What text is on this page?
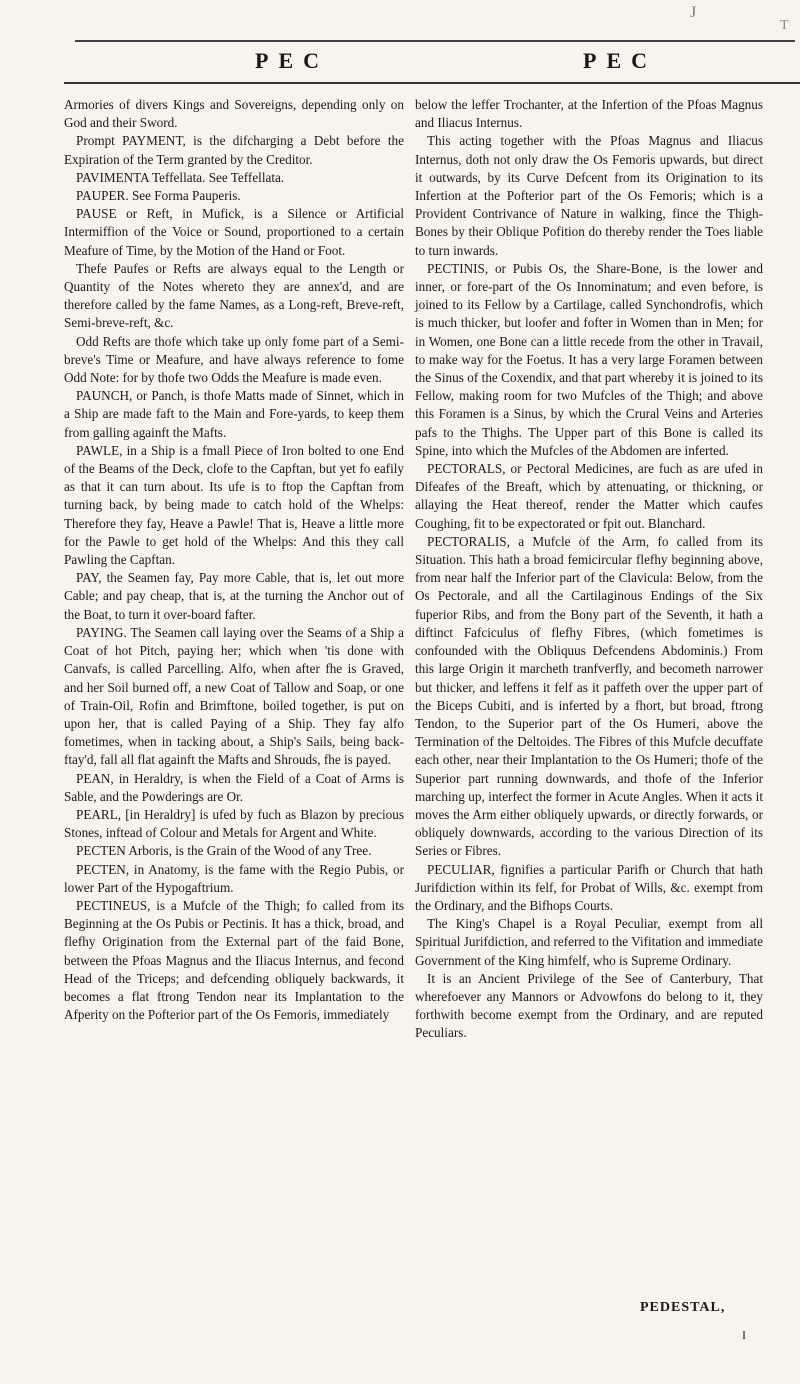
J
T
PEC	PEC

Armories of divers Kings and Sovereigns, depending only on God and their Sword.

Prompt PAYMENT, is the difcharging a Debt before the Expiration of the Term granted by the Creditor.

PAVIMENTA Teffellata. See Teffellata.

PAUPER. See Forma Pauperis.

PAUSE or Reft, in Mufick, is a Silence or Artificial Intermiffion of the Voice or Sound, proportioned to a certain Meafure of Time, by the Motion of the Hand or Foot.

Thefe Paufes or Refts are always equal to the Length or Quantity of the Notes whereto they are annex'd, and are therefore called by the fame Names, as a Long-reft, Breve-reft, Semi-breve-reft, &c.

Odd Refts are thofe which take up only fome part of a Semi-breve's Time or Meafure, and have always reference to fome Odd Note: for by thofe two Odds the Meafure is made even.

PAUNCH, or Panch, is thofe Matts made of Sinnet, which in a Ship are made faft to the Main and Fore-yards, to keep them from galling againft the Mafts.

PAWLE, in a Ship is a fmall Piece of Iron bolted to one End of the Beams of the Deck, clofe to the Capftan, but yet fo eafily as that it can turn about. Its ufe is to ftop the Capftan from turning back, by being made to catch hold of the Whelps: Therefore they fay, Heave a Pawle! That is, Heave a little more for the Pawle to get hold of the Whelps: And this they call Pawling the Capftan.

PAY, the Seamen fay, Pay more Cable, that is, let out more Cable; and pay cheap, that is, at the turning the Anchor out of the Boat, to turn it over-board fafter.

PAYING. The Seamen call laying over the Seams of a Ship a Coat of hot Pitch, paying her; which when 'tis done with Canvafs, is called Parcelling. Alfo, when after fhe is Graved, and her Soil burned off, a new Coat of Tallow and Soap, or one of Train-Oil, Rofin and Brimftone, boiled together, is put on upon her, that is called Paying of a Ship. They fay alfo fometimes, when in tacking about, a Ship's Sails, being back-ftay'd, fall all flat againft the Mafts and Shrouds, fhe is payed.

PEAN, in Heraldry, is when the Field of a Coat of Arms is Sable, and the Powderings are Or.

PEARL, [in Heraldry] is ufed by fuch as Blazon by precious Stones, inftead of Colour and Metals for Argent and White.

PECTEN Arboris, is the Grain of the Wood of any Tree.

PECTEN, in Anatomy, is the fame with the Regio Pubis, or lower Part of the Hypogaftrium.

PECTINEUS, is a Mufcle of the Thigh; fo called from its Beginning at the Os Pubis or Pectinis. It has a thick, broad, and flefhy Origination from the External part of the faid Bone, between the Pfoas Magnus and the Iliacus Internus, and fecond Head of the Triceps; and defcending obliquely backwards, it becomes a flat ftrong Tendon near its Implantation to the Afperity on the Pofterior part of the Os Femoris, immediately

below the leffer Trochanter, at the Infertion of the Pfoas Magnus and Iliacus Internus.

This acting together with the Pfoas Magnus and Iliacus Internus, doth not only draw the Os Femoris upwards, but direct it outwards, by its Curve Defcent from its Origination to its Infertion at the Pofterior part of the Os Femoris; which is a Provident Contrivance of Nature in walking, fince the Thigh-Bones by their Oblique Pofition do thereby render the Toes liable to turn inwards.

PECTINIS, or Pubis Os, the Share-Bone, is the lower and inner, or fore-part of the Os Innominatum; and even before, is joined to its Fellow by a Cartilage, called Synchondrofis, which is much thicker, but loofer and fofter in Women than in Men; for in Women, one Bone can a little recede from the other in Travail, to make way for the Foetus. It has a very large Foramen between the Sinus of the Coxendix, and that part whereby it is joined to its Fellow, making room for two Mufcles of the Thigh; and above this Foramen is a Sinus, by which the Crural Veins and Arteries pafs to the Thighs. The Upper part of this Bone is called its Spine, into which the Mufcles of the Abdomen are inferted.

PECTORALS, or Pectoral Medicines, are fuch as are ufed in Difeafes of the Breaft, which by attenuating, or thickning, or allaying the Heat thereof, render the Matter which caufes Coughing, fit to be expectorated or fpit out. Blanchard.

PECTORALIS, a Mufcle of the Arm, fo called from its Situation. This hath a broad femicircular flefhy beginning above, from near half the Inferior part of the Clavicula: Below, from the Os Pectorale, and all the Cartilaginous Endings of the Six fuperior Ribs, and from the Bony part of the Seventh, it hath a diftinct Fafciculus of flefhy Fibres, (which fometimes is confounded with the Obliquus Defcendens Abdominis.) From this large Origin it marcheth tranfverfly, and becometh narrower but thicker, and leffens it felf as it paffeth over the upper part of the Biceps Cubiti, and is inferted by a fhort, but broad, ftrong Tendon, to the Superior part of the Os Humeri, above the Termination of the Deltoides. The Fibres of this Mufcle decuffate each other, near their Implantation to the Os Humeri; thofe of the Superior part running downwards, and thofe of the Inferior marching up, interfect the former in Acute Angles. When it acts it moves the Arm either obliquely upwards, or directly forwards, or obliquely downwards, according to the various Direction of its Series or Fibres.

PECULIAR, fignifies a particular Parifh or Church that hath Jurifdiction within its felf, for Probat of Wills, &c. exempt from the Ordinary, and the Bifhops Courts.

The King's Chapel is a Royal Peculiar, exempt from all Spiritual Jurifdiction, and referred to the Vifitation and immediate Government of the King himfelf, who is Supreme Ordinary.

It is an Ancient Privilege of the See of Canterbury, That wherefoever any Mannors or Advowfons do belong to it, they forthwith become exempt from the Ordinary, and are reputed Peculiars.

PEDESTAL,
I
